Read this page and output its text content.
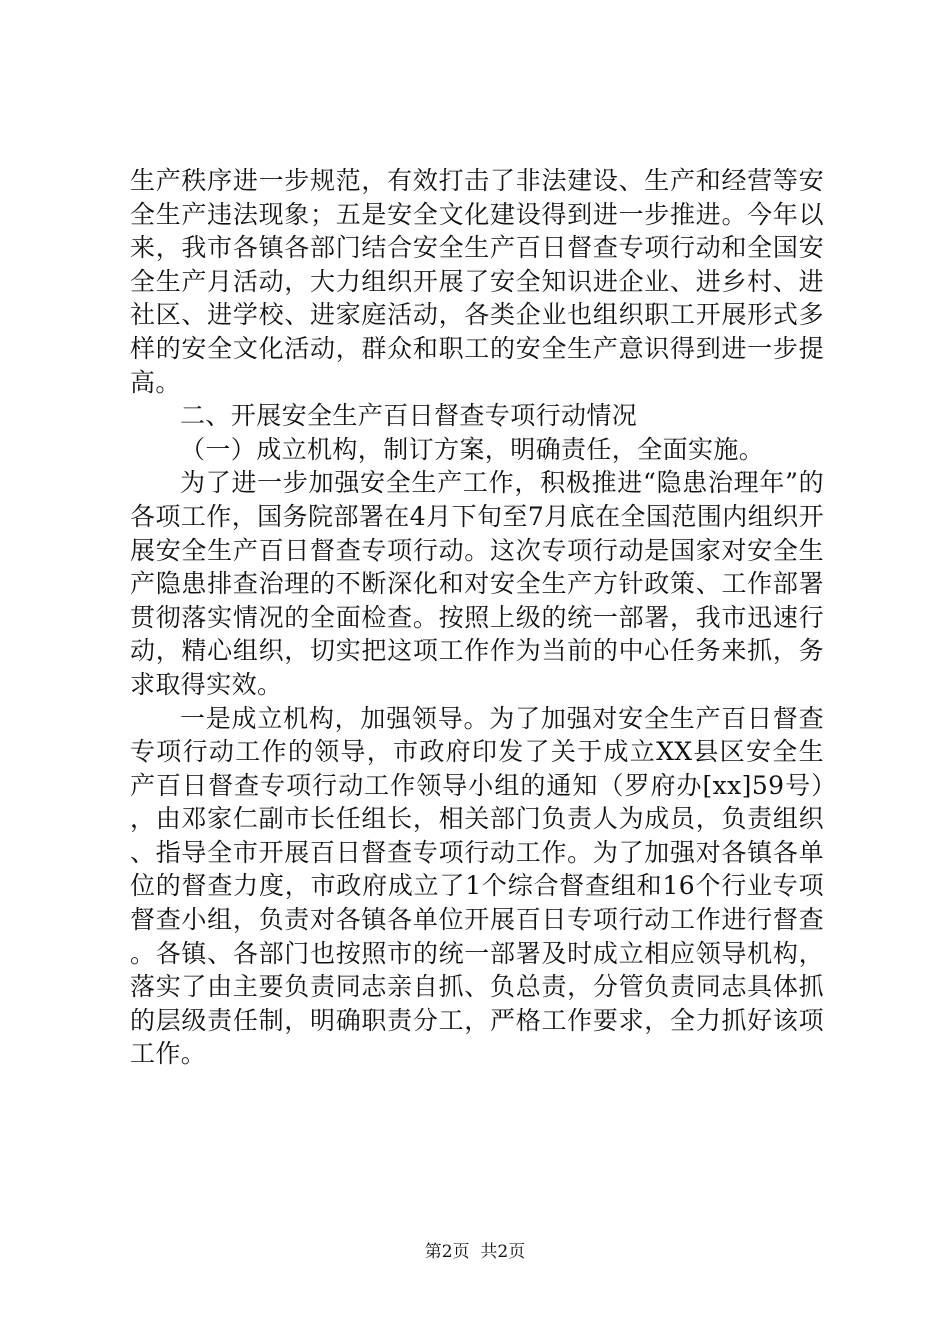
生产秩序进一步规范，有效打击了非法建设、生产和经营等安全生产违法现象；五是安全文化建设得到进一步推进。今年以来，我市各镇各部门结合安全生产百日督查专项行动和全国安全生产月活动，大力组织开展了安全知识进企业、进乡村、进社区、进学校、进家庭活动，各类企业也组织职工开展形式多样的安全文化活动，群众和职工的安全生产意识得到进一步提高。

二、开展安全生产百日督查专项行动情况

（一）成立机构，制订方案，明确责任，全面实施。

为了进一步加强安全生产工作，积极推进“隐患治理年”的各项工作，国务院部署在4月下旬至7月底在全国范围内组织开展安全生产百日督查专项行动。这次专项行动是国家对安全生产隐患排查治理的不断深化和对安全生产方针政策、工作部署贯彻落实情况的全面检查。按照上级的统一部署，我市迅速行动，精心组织，切实把这项工作作为当前的中心任务来抓，务求取得实效。

一是成立机构，加强领导。为了加强对安全生产百日督查专项行动工作的领导，市政府印发了关于成立XX县区安全生产百日督查专项行动工作领导小组的通知（罗府办[xx]59号），由邓家仁副市长任组长，相关部门负责人为成员，负责组织、指导全市开展百日督查专项行动工作。为了加强对各镇各单位的督查力度，市政府成立了1个综合督查组和16个行业专项督查小组，负责对各镇各单位开展百日专项行动工作进行督查。各镇、各部门也按照市的统一部署及时成立相应领导机构，落实了由主要负责同志亲自抓、负总责，分管负责同志具体抓的层级责任制，明确职责分工，严格工作要求，全力抓好该项工作。

第2页  共2页
